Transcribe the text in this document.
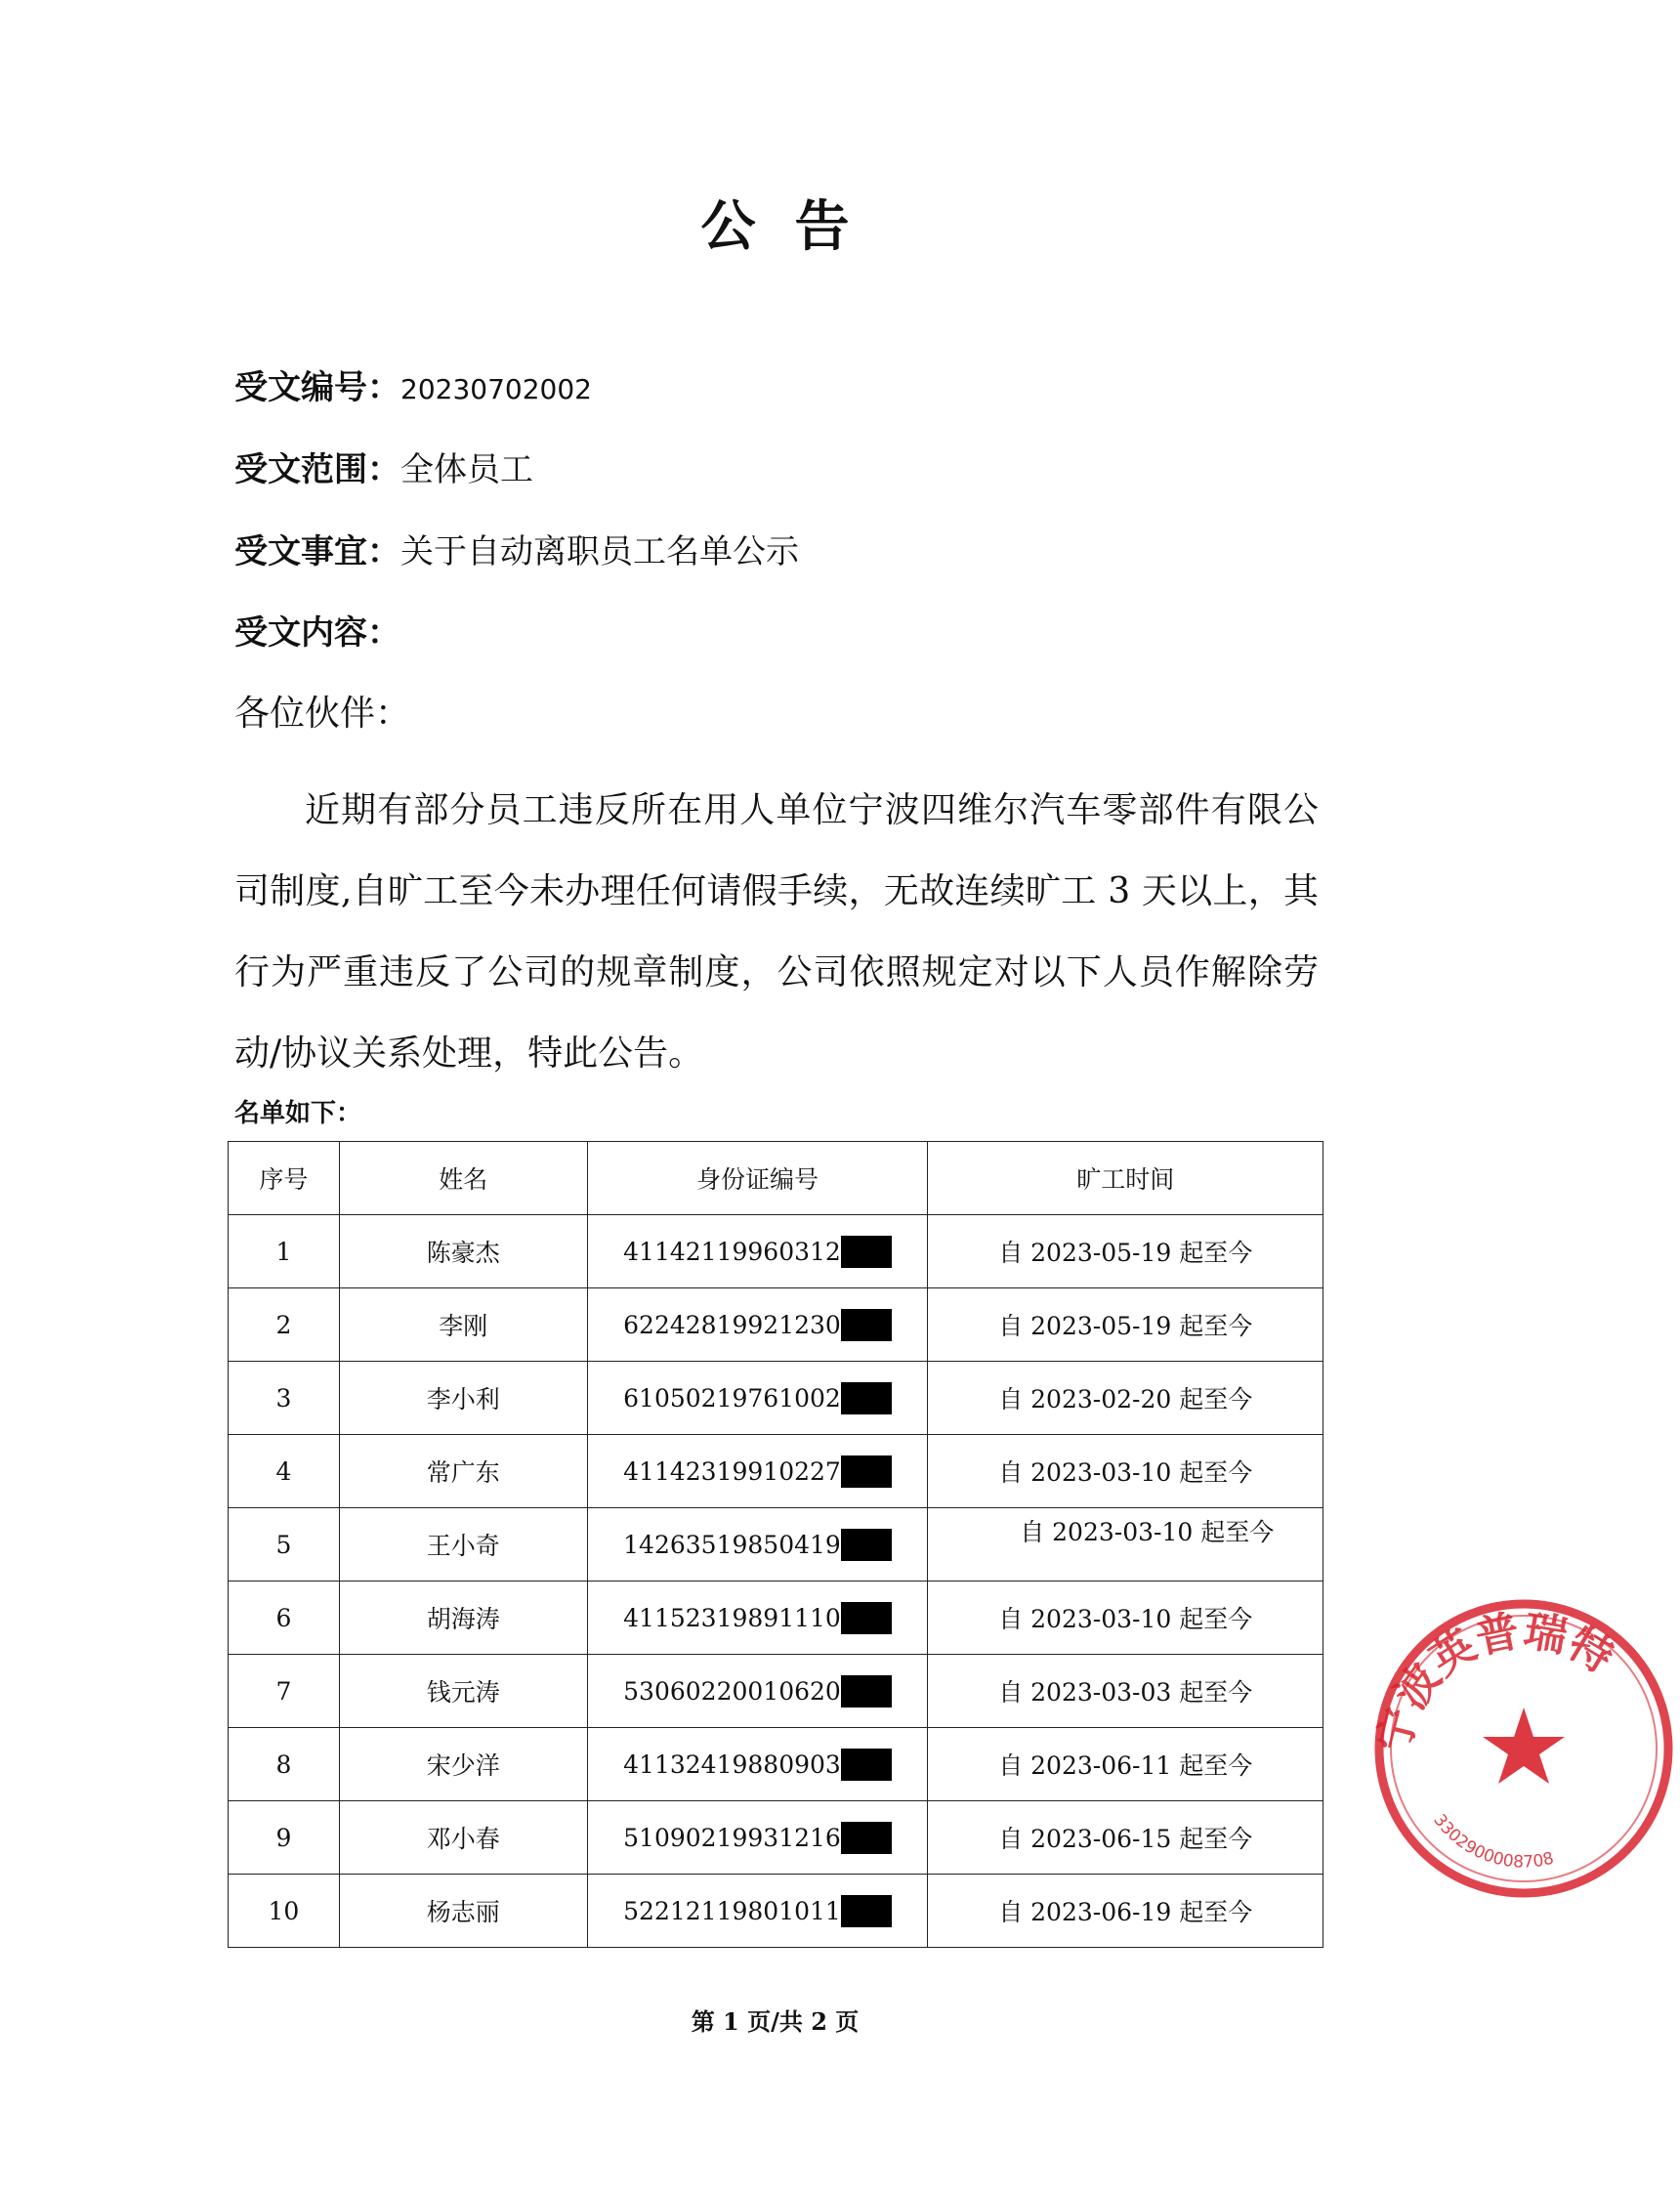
公告
受文编号：20230702002
受文范围：全体员工
受文事宜：关于自动离职员工名单公示
受文内容：
各位伙伴：

近期有部分员工违反所在用人单位宁波四维尔汽车零部件有限公司制度,自旷工至今未办理任何请假手续，无故连续旷工 3 天以上，其行为严重违反了公司的规章制度，公司依照规定对以下人员作解除劳动/协议关系处理，特此公告。

名单如下：
序号	姓名	身份证编号	旷工时间
1	陈豪杰	41142119960312	自 2023-05-19 起至今
2	李刚	62242819921230	自 2023-05-19 起至今
3	李小利	61050219761002	自 2023-02-20 起至今
4	常广东	41142319910227	自 2023-03-10 起至今
5	王小奇	14263519850419	自 2023-03-10 起至今
6	胡海涛	41152319891110	自 2023-03-10 起至今
7	钱元涛	53060220010620	自 2023-03-03 起至今
8	宋少洋	41132419880903	自 2023-06-11 起至今
9	邓小春	51090219931216	自 2023-06-15 起至今
10	杨志丽	52212119801011	自 2023-06-19 起至今
第 1 页/共 2 页
宁波英普瑞特
3302900008708
